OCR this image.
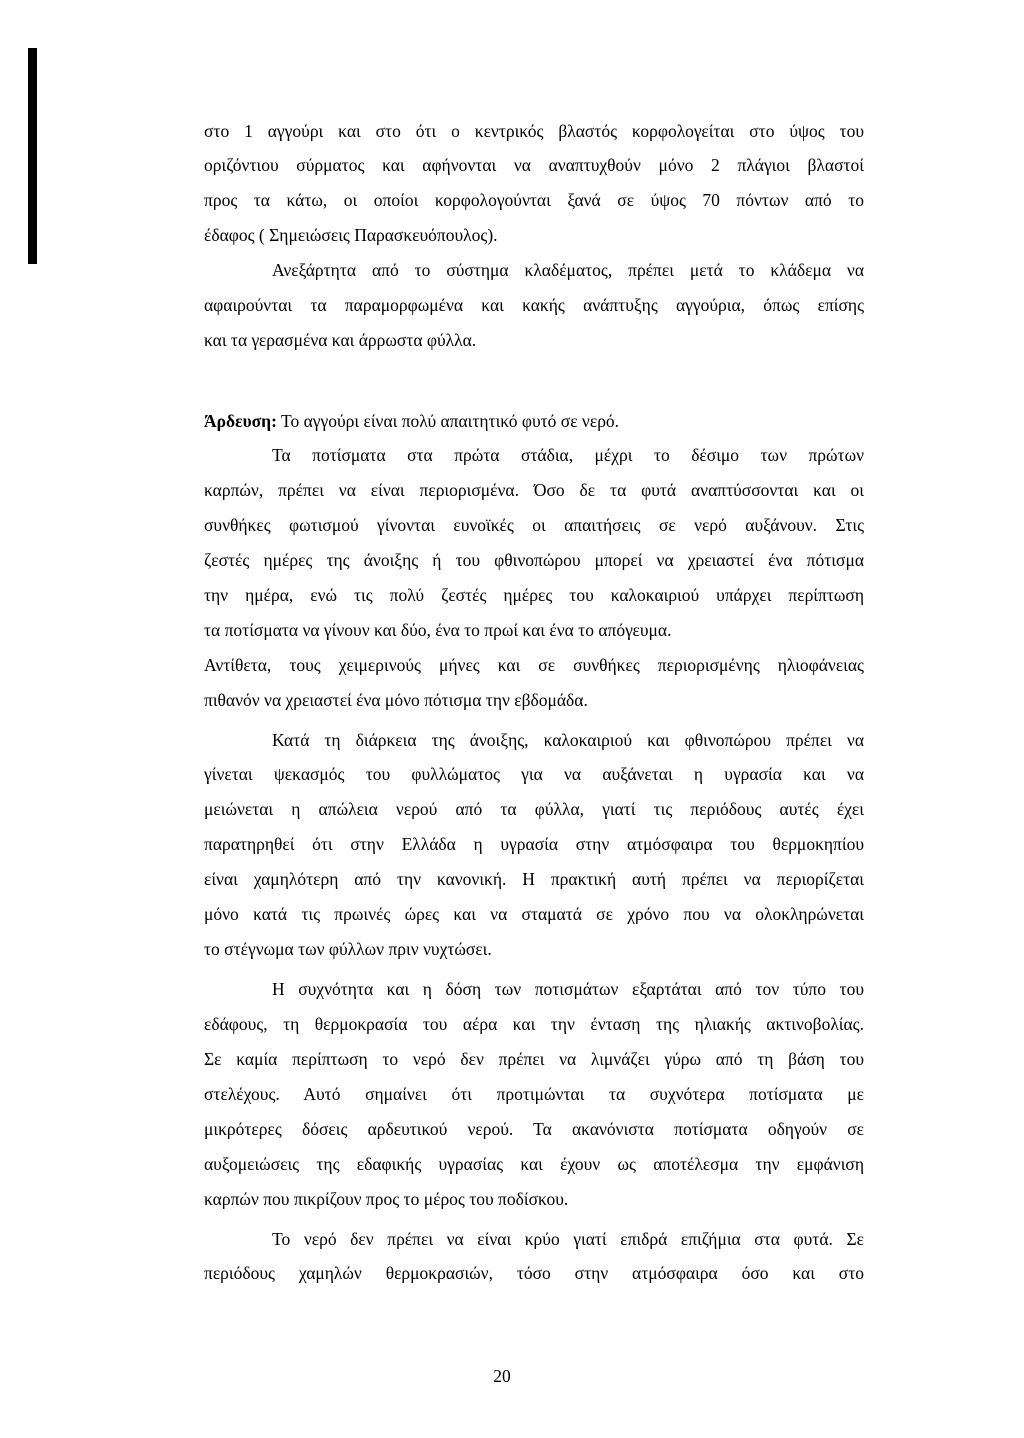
στο 1 αγγούρι και στο ότι ο κεντρικός βλαστός κορφολογείται στο ύψος του
οριζόντιου σύρματος και αφήνονται να αναπτυχθούν μόνο 2 πλάγιοι βλαστοί
προς τα κάτω, οι οποίοι κορφολογούνται ξανά σε ύψος 70 πόντων από το
έδαφος ( Σημειώσεις Παρασκευόπουλος).
Ανεξάρτητα από το σύστημα κλαδέματος, πρέπει μετά το κλάδεμα να
αφαιρούνται τα παραμορφωμένα και κακής ανάπτυξης αγγούρια, όπως επίσης
και τα γερασμένα και άρρωστα φύλλα.
Άρδευση: Το αγγούρι είναι πολύ απαιτητικό φυτό σε νερό.
Τα ποτίσματα στα πρώτα στάδια, μέχρι το δέσιμο των πρώτων
καρπών, πρέπει να είναι περιορισμένα. Όσο δε τα φυτά αναπτύσσονται και οι
συνθήκες φωτισμού γίνονται ευνοϊκές οι απαιτήσεις σε νερό αυξάνουν. Στις
ζεστές ημέρες της άνοιξης ή του φθινοπώρου μπορεί να χρειαστεί ένα πότισμα
την ημέρα, ενώ τις πολύ ζεστές ημέρες του καλοκαιριού υπάρχει περίπτωση
τα ποτίσματα να γίνουν και δύο, ένα το πρωί και ένα το απόγευμα.
Αντίθετα, τους χειμερινούς μήνες και σε συνθήκες περιορισμένης ηλιοφάνειας
πιθανόν να χρειαστεί ένα μόνο πότισμα την εβδομάδα.
Κατά τη διάρκεια της άνοιξης, καλοκαιριού και φθινοπώρου πρέπει να
γίνεται ψεκασμός του φυλλώματος για να αυξάνεται η υγρασία και να
μειώνεται η απώλεια νερού από τα φύλλα, γιατί τις περιόδους αυτές έχει
παρατηρηθεί ότι στην Ελλάδα η υγρασία στην ατμόσφαιρα του θερμοκηπίου
είναι χαμηλότερη από την κανονική. Η πρακτική αυτή πρέπει να περιορίζεται
μόνο κατά τις πρωινές ώρες και να σταματά σε χρόνο που να ολοκληρώνεται
το στέγνωμα των φύλλων πριν νυχτώσει.
Η συχνότητα και η δόση των ποτισμάτων εξαρτάται από τον τύπο του
εδάφους, τη θερμοκρασία του αέρα και την ένταση της ηλιακής ακτινοβολίας.
Σε καμία περίπτωση το νερό δεν πρέπει να λιμνάζει γύρω από τη βάση του
στελέχους. Αυτό σημαίνει ότι προτιμώνται τα συχνότερα ποτίσματα με
μικρότερες δόσεις αρδευτικού νερού. Τα ακανόνιστα ποτίσματα οδηγούν σε
αυξομειώσεις της εδαφικής υγρασίας και έχουν ως αποτέλεσμα την εμφάνιση
καρπών που πικρίζουν προς το μέρος του ποδίσκου.
Το νερό δεν πρέπει να είναι κρύο γιατί επιδρά επιζήμια στα φυτά. Σε
περιόδους χαμηλών θερμοκρασιών, τόσο στην ατμόσφαιρα όσο και στο
20
